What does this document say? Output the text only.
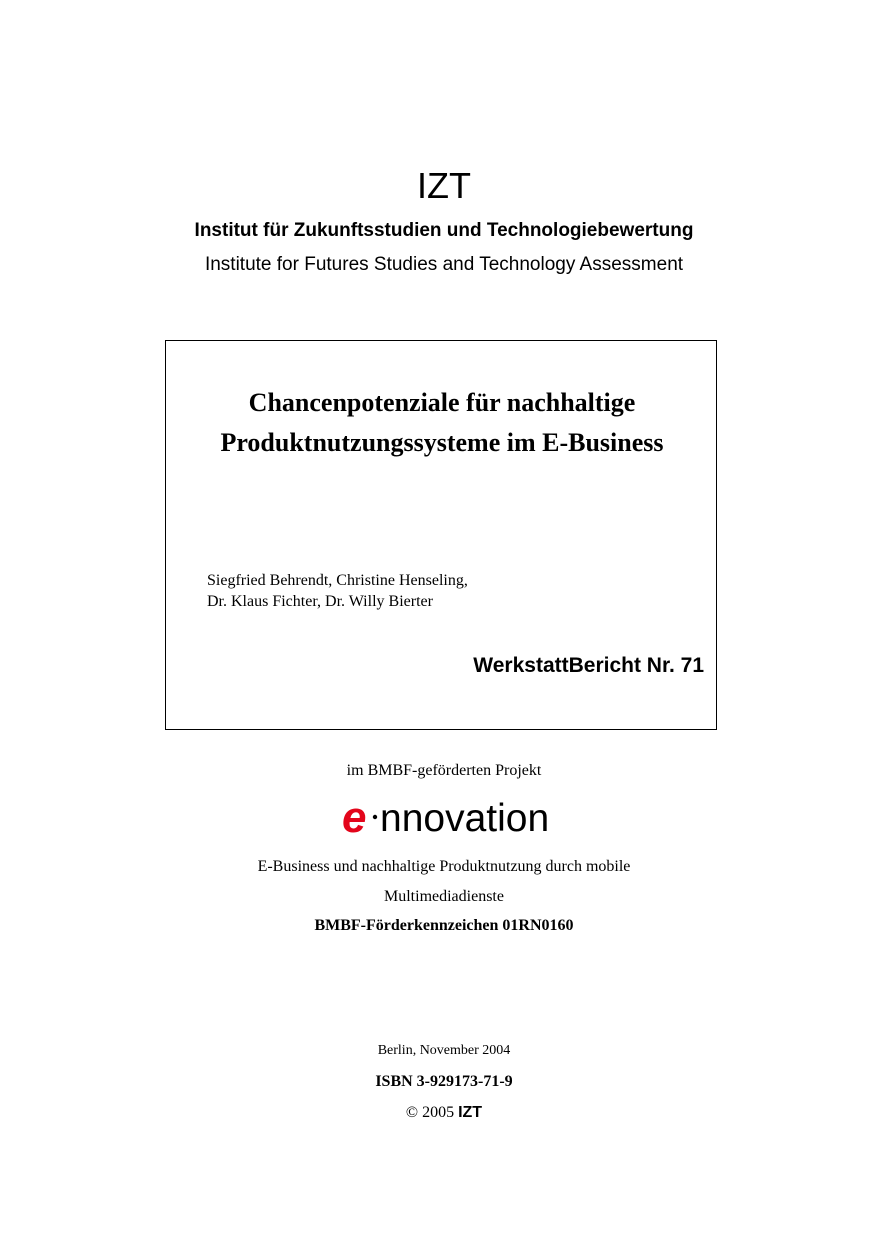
IZT
Institut für Zukunftsstudien und Technologiebewertung
Institute for Futures Studies and Technology Assessment
Chancenpotenziale für nachhaltige
Produktnutzungssysteme im E-Business
Siegfried Behrendt, Christine Henseling,
Dr. Klaus Fichter, Dr. Willy Bierter
WerkstattBericht Nr. 71
im BMBF-geförderten Projekt
e nnovation
E-Business und nachhaltige Produktnutzung durch mobile
Multimediadienste
BMBF-Förderkennzeichen 01RN0160
Berlin, November 2004
ISBN 3-929173-71-9
© 2005 IZT
